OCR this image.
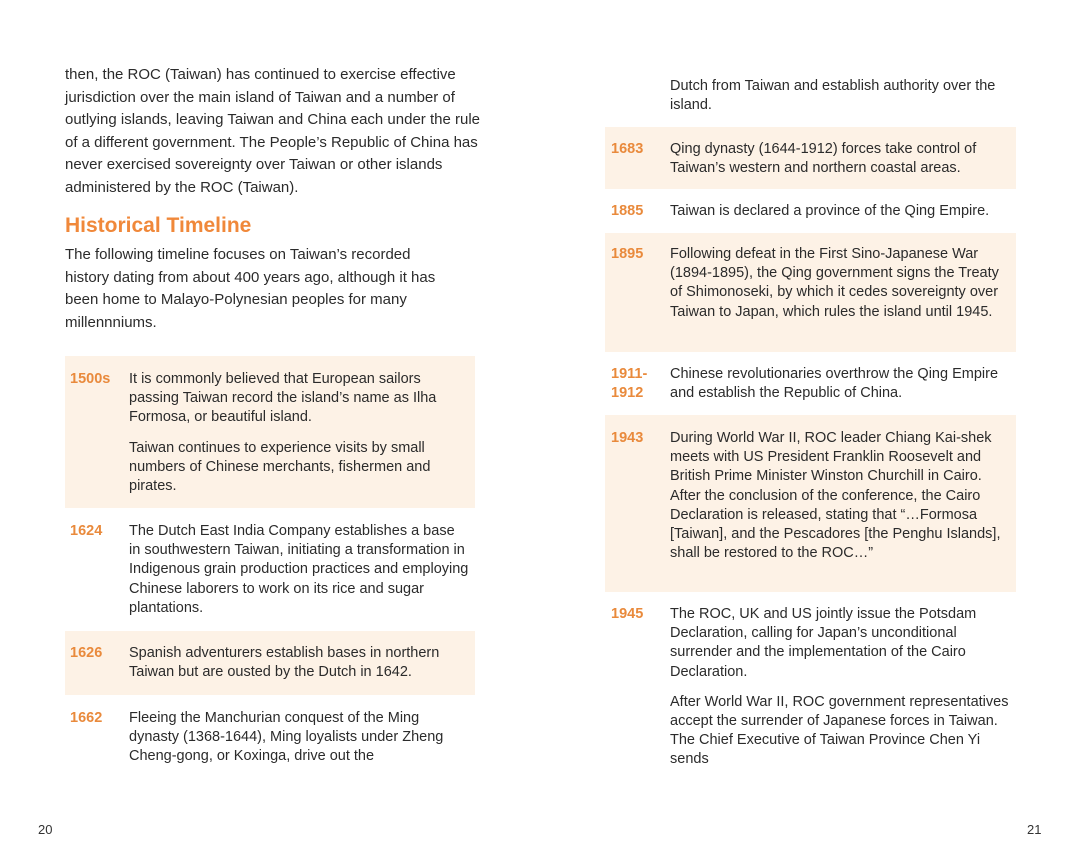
then, the ROC (Taiwan) has continued to exercise effective jurisdiction over the main island of Taiwan and a number of outlying islands, leaving Taiwan and China each under the rule of a different government. The People’s Republic of China has never exercised sovereignty over Taiwan or other islands administered by the ROC (Taiwan).

Historical Timeline
The following timeline focuses on Taiwan’s recorded history dating from about 400 years ago, although it has been home to Malayo-Polynesian peoples for many millennniums.
1500s It is commonly believed that European sailors passing Taiwan record the island’s name as Ilha Formosa, or beautiful island.

Taiwan continues to experience visits by small numbers of Chinese merchants, fishermen and pirates.

1624 The Dutch East India Company establishes a base in southwestern Taiwan, initiating a transformation in Indigenous grain production practices and employing Chinese laborers to work on its rice and sugar plantations.

1626 Spanish adventurers establish bases in northern Taiwan but are ousted by the Dutch in 1642.

1662 Fleeing the Manchurian conquest of the Ming dynasty (1368-1644), Ming loyalists under Zheng Cheng-gong, or Koxinga, drive out the

20

Dutch from Taiwan and establish authority over the island.

1683 Qing dynasty (1644-1912) forces take control of Taiwan’s western and northern coastal areas.

1885 Taiwan is declared a province of the Qing Empire.

1895 Following defeat in the First Sino-Japanese War (1894-1895), the Qing government signs the Treaty of Shimonoseki, by which it cedes sovereignty over Taiwan to Japan, which rules the island until 1945.

1911-
1912

Chinese revolutionaries overthrow the Qing Empire and establish the Republic of China.

1943 During World War II, ROC leader Chiang Kai-shek meets with US President Franklin Roosevelt and British Prime Minister Winston Churchill in Cairo. After the conclusion of the conference, the Cairo Declaration is released, stating that “…Formosa [Taiwan], and the Pescadores [the Penghu Islands], shall be restored to the ROC…”

1945 The ROC, UK and US jointly issue the Potsdam Declaration, calling for Japan’s unconditional surrender and the implementation of the Cairo Declaration.

After World War II, ROC government representatives accept the surrender of Japanese forces in Taiwan. The Chief Executive of Taiwan Province Chen Yi sends

21
